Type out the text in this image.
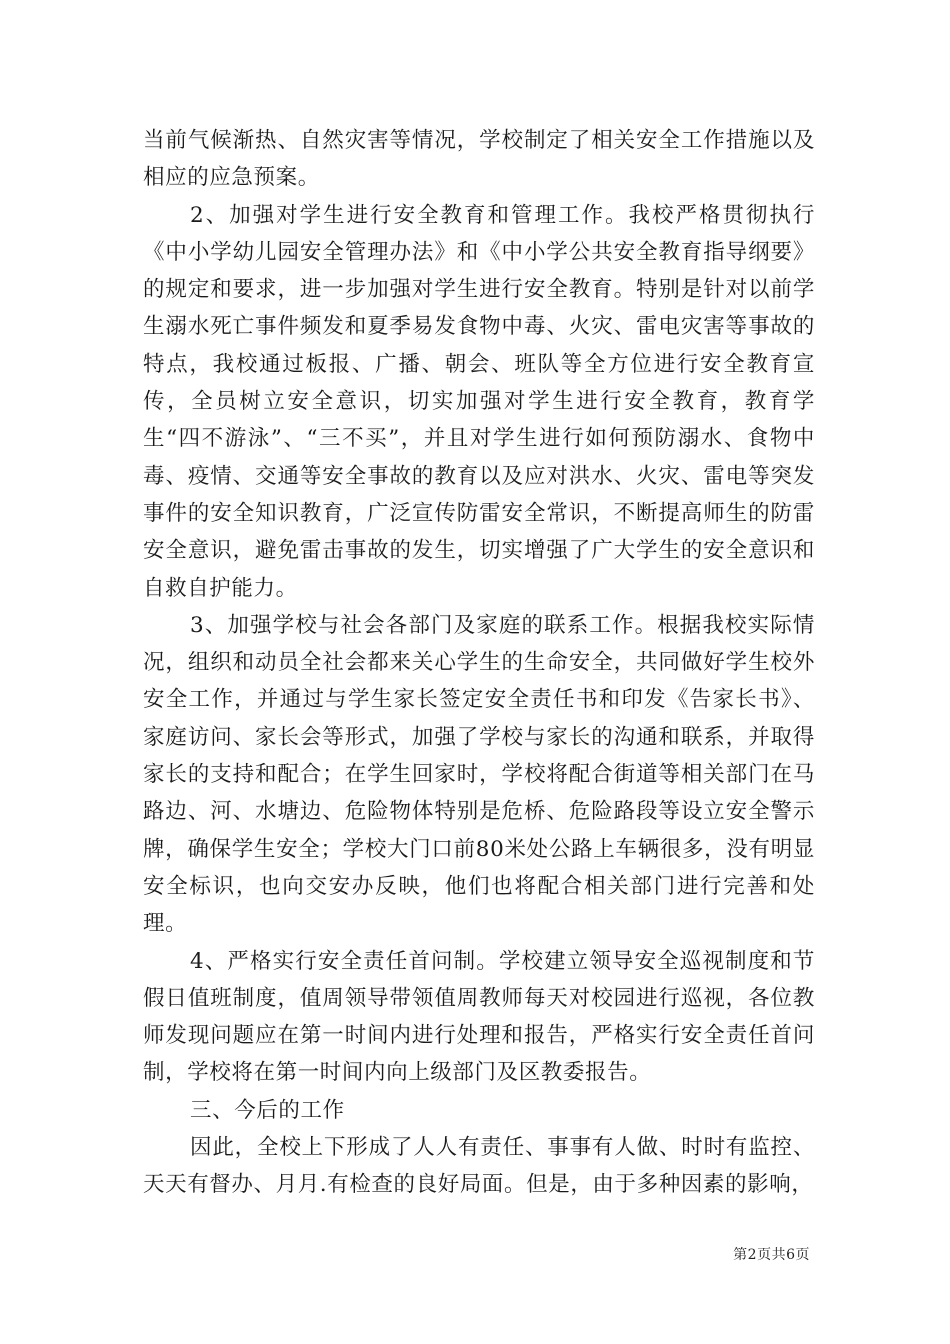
当前气候渐热、自然灾害等情况，学校制定了相关安全工作措施以及相应的应急预案。

2、加强对学生进行安全教育和管理工作。我校严格贯彻执行《中小学幼儿园安全管理办法》和《中小学公共安全教育指导纲要》的规定和要求，进一步加强对学生进行安全教育。特别是针对以前学生溺水死亡事件频发和夏季易发食物中毒、火灾、雷电灾害等事故的特点，我校通过板报、广播、朝会、班队等全方位进行安全教育宣传，全员树立安全意识，切实加强对学生进行安全教育，教育学生“四不游泳”、“三不买”，并且对学生进行如何预防溺水、食物中毒、疫情、交通等安全事故的教育以及应对洪水、火灾、雷电等突发事件的安全知识教育，广泛宣传防雷安全常识，不断提高师生的防雷安全意识，避免雷击事故的发生，切实增强了广大学生的安全意识和自救自护能力。

3、加强学校与社会各部门及家庭的联系工作。根据我校实际情况，组织和动员全社会都来关心学生的生命安全，共同做好学生校外安全工作，并通过与学生家长签定安全责任书和印发《告家长书》、家庭访问、家长会等形式，加强了学校与家长的沟通和联系，并取得家长的支持和配合；在学生回家时，学校将配合街道等相关部门在马路边、河、水塘边、危险物体特别是危桥、危险路段等设立安全警示牌，确保学生安全；学校大门口前80米处公路上车辆很多，没有明显安全标识，也向交安办反映，他们也将配合相关部门进行完善和处理。

4、严格实行安全责任首问制。学校建立领导安全巡视制度和节假日值班制度，值周领导带领值周教师每天对校园进行巡视，各位教师发现问题应在第一时间内进行处理和报告，严格实行安全责任首问制，学校将在第一时间内向上级部门及区教委报告。

三、今后的工作

因此，全校上下形成了人人有责任、事事有人做、时时有监控、天天有督办、月月.有检查的良好局面。但是，由于多种因素的影响，

第2页共6页
